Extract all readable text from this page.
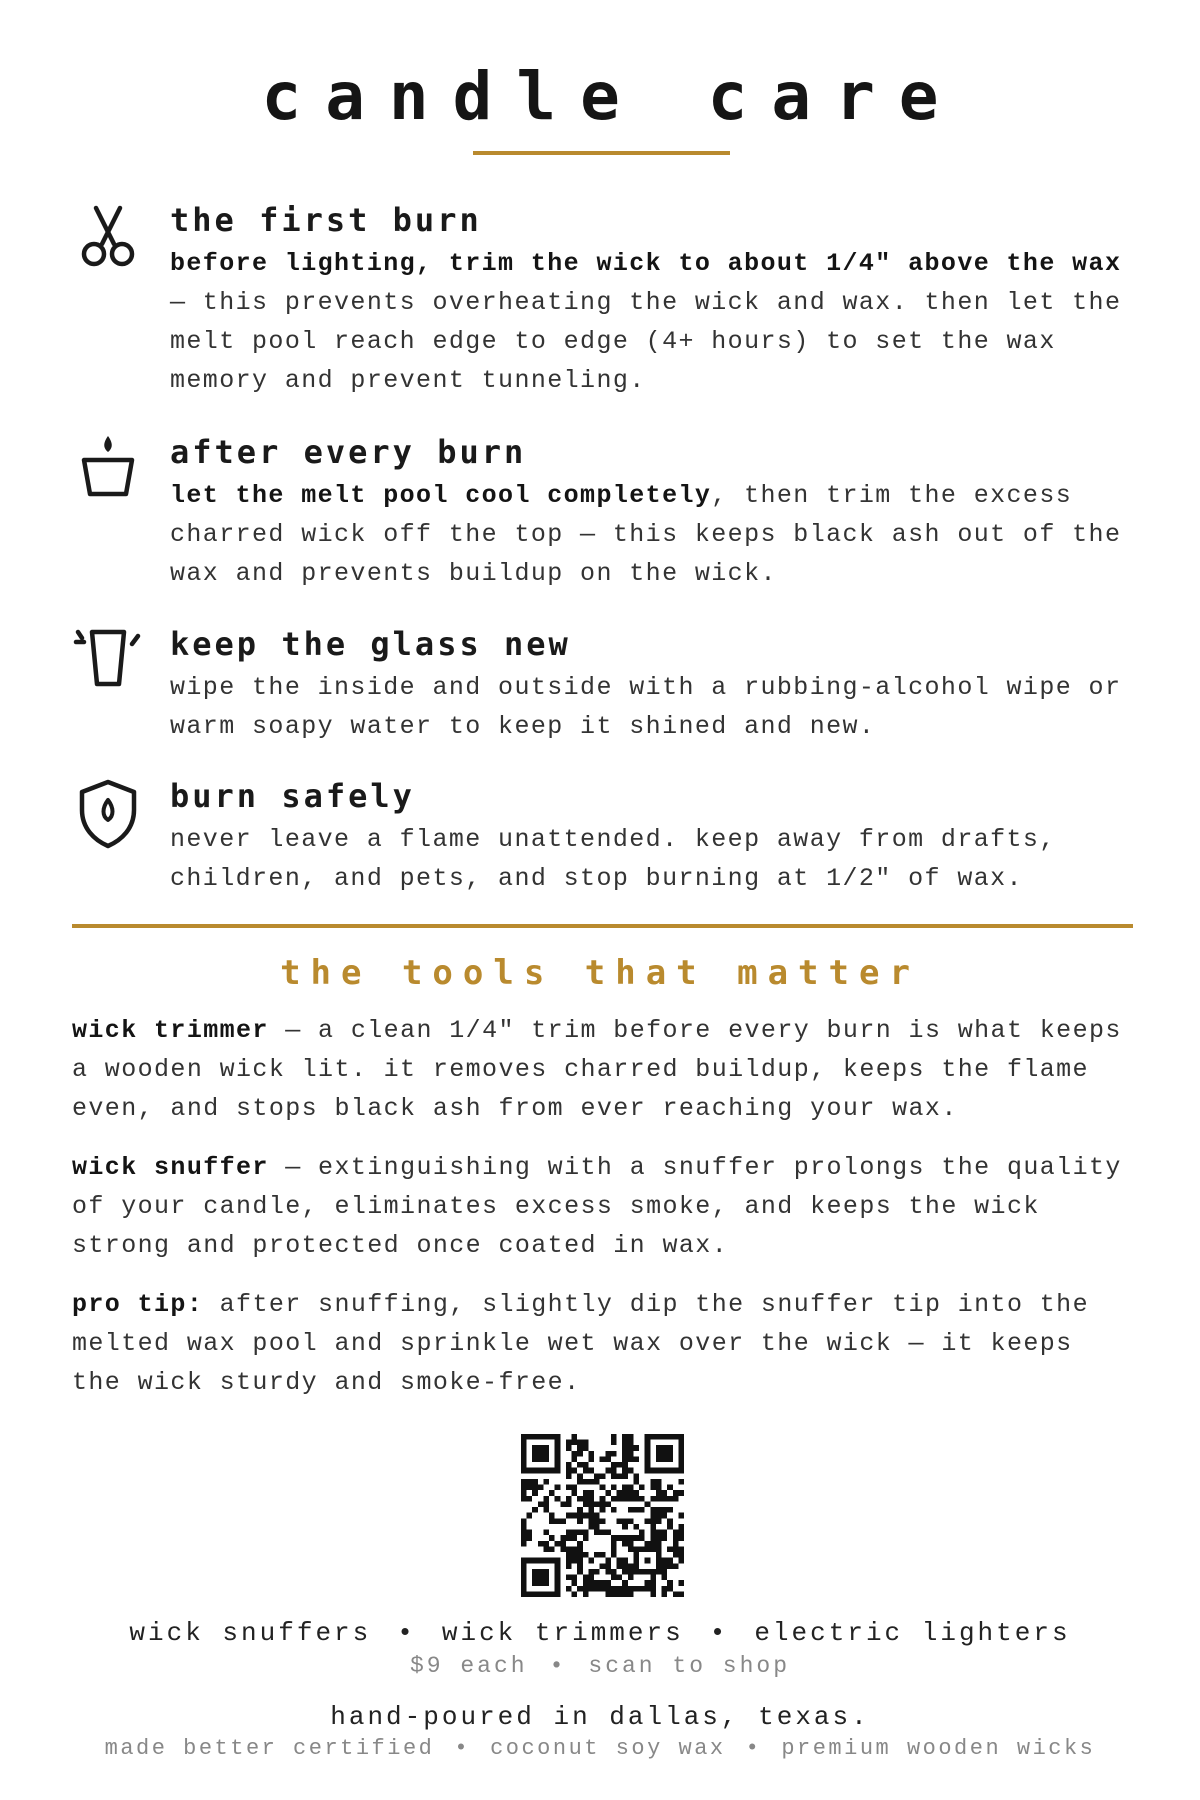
candle care
the first burn

before lighting, trim the wick to about 1/4" above the wax — this prevents overheating the wick and wax. then let the melt pool reach edge to edge (4+ hours) to set the wax memory and prevent tunneling.

after every burn

let the melt pool cool completely, then trim the excess charred wick off the top — this keeps black ash out of the wax and prevents buildup on the wick.

keep the glass new

wipe the inside and outside with a rubbing-alcohol wipe or warm soapy water to keep it shined and new.

burn safely

never leave a flame unattended. keep away from drafts, children, and pets, and stop burning at 1/2" of wax.

the tools that matter

wick trimmer — a clean 1/4" trim before every burn is what keeps a wooden wick lit. it removes charred buildup, keeps the flame even, and stops black ash from ever reaching your wax.

wick snuffer — extinguishing with a snuffer prolongs the quality of your candle, eliminates excess smoke, and keeps the wick strong and protected once coated in wax.

pro tip: after snuffing, slightly dip the snuffer tip into the melted wax pool and sprinkle wet wax over the wick — it keeps the wick sturdy and smoke-free.

wick snuffers • wick trimmers • electric lighters
$9 each • scan to shop
hand-poured in dallas, texas.
made better certified • coconut soy wax • premium wooden wicks
